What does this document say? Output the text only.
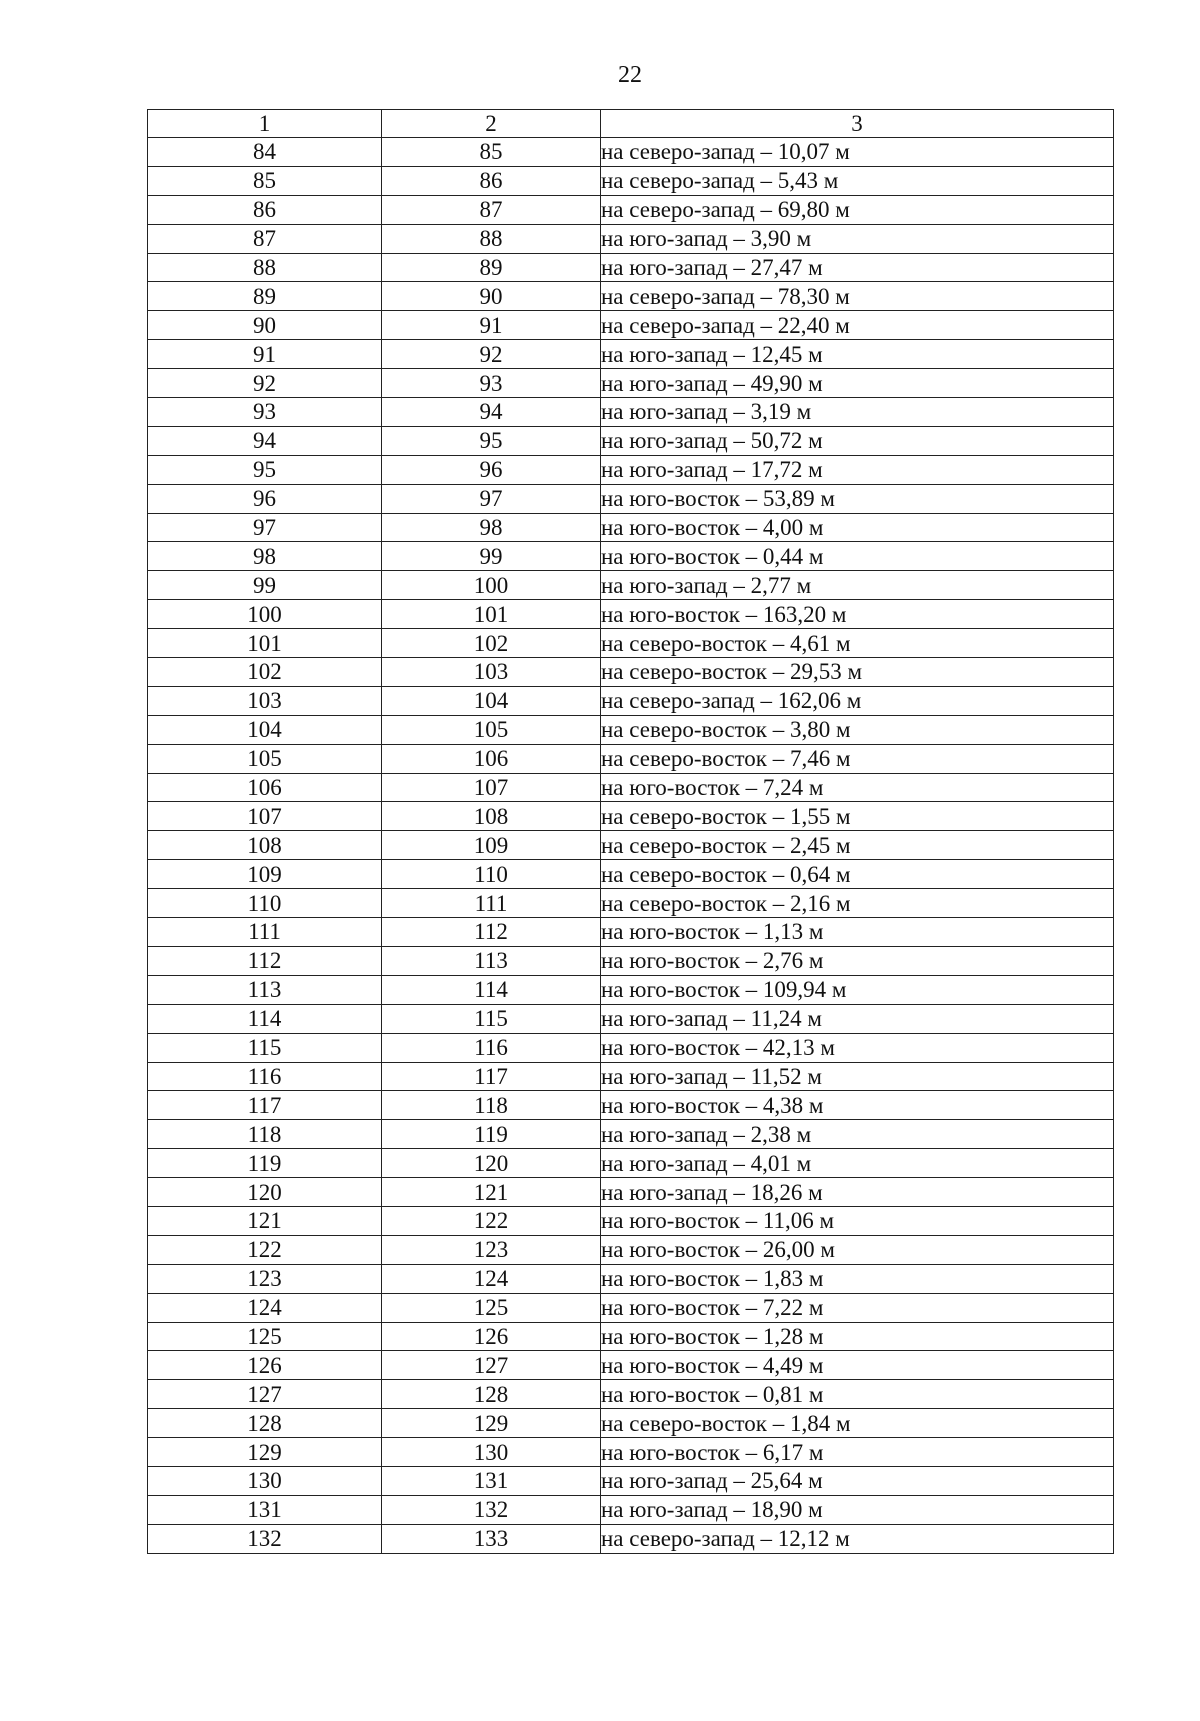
22
1	2	3
84	85	на северо-запад – 10,07 м
85	86	на северо-запад – 5,43 м
86	87	на северо-запад – 69,80 м
87	88	на юго-запад – 3,90 м
88	89	на юго-запад – 27,47 м
89	90	на северо-запад – 78,30 м
90	91	на северо-запад – 22,40 м
91	92	на юго-запад – 12,45 м
92	93	на юго-запад – 49,90 м
93	94	на юго-запад – 3,19 м
94	95	на юго-запад – 50,72 м
95	96	на юго-запад – 17,72 м
96	97	на юго-восток – 53,89 м
97	98	на юго-восток – 4,00 м
98	99	на юго-восток – 0,44 м
99	100	на юго-запад – 2,77 м
100	101	на юго-восток – 163,20 м
101	102	на северо-восток – 4,61 м
102	103	на северо-восток – 29,53 м
103	104	на северо-запад – 162,06 м
104	105	на северо-восток – 3,80 м
105	106	на северо-восток – 7,46 м
106	107	на юго-восток – 7,24 м
107	108	на северо-восток – 1,55 м
108	109	на северо-восток – 2,45 м
109	110	на северо-восток – 0,64 м
110	111	на северо-восток – 2,16 м
111	112	на юго-восток – 1,13 м
112	113	на юго-восток – 2,76 м
113	114	на юго-восток – 109,94 м
114	115	на юго-запад – 11,24 м
115	116	на юго-восток – 42,13 м
116	117	на юго-запад – 11,52 м
117	118	на юго-восток – 4,38 м
118	119	на юго-запад – 2,38 м
119	120	на юго-запад – 4,01 м
120	121	на юго-запад – 18,26 м
121	122	на юго-восток – 11,06 м
122	123	на юго-восток – 26,00 м
123	124	на юго-восток – 1,83 м
124	125	на юго-восток – 7,22 м
125	126	на юго-восток – 1,28 м
126	127	на юго-восток – 4,49 м
127	128	на юго-восток – 0,81 м
128	129	на северо-восток – 1,84 м
129	130	на юго-восток – 6,17 м
130	131	на юго-запад – 25,64 м
131	132	на юго-запад – 18,90 м
132	133	на северо-запад – 12,12 м
